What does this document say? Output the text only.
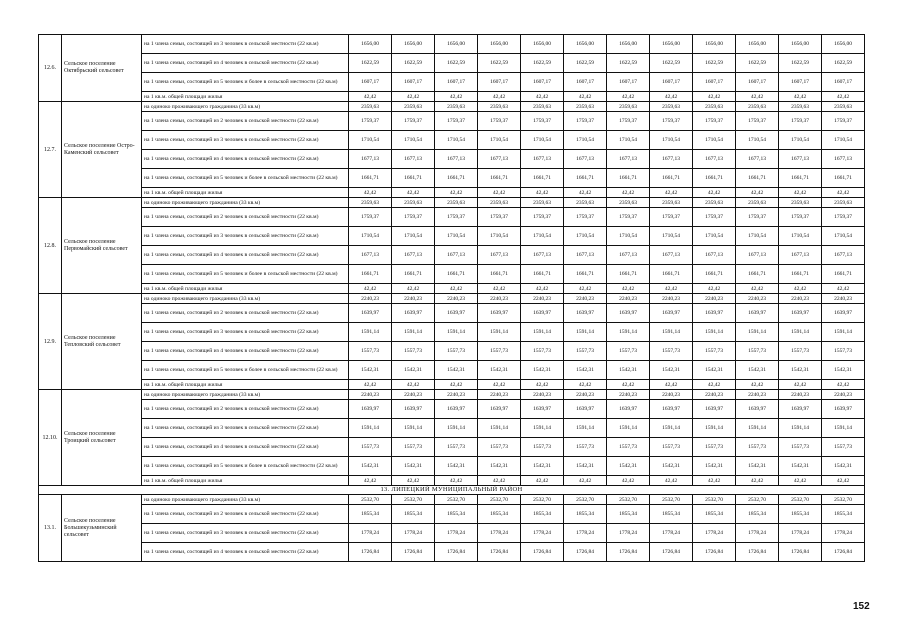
12.6.	Сельское поселение Октябрьский сельсовет	на 1 члена семьи, состоящей из 3 человек в сельской местности (22 кв.м)	1656,00	1656,00	1656,00	1656,00	1656,00	1656,00	1656,00	1656,00	1656,00	1656,00	1656,00	1656,00
		на 1 члена семьи, состоящей из 4 человек в сельской местности (22 кв.м)	1622,59	1622,59	1622,59	1622,59	1622,59	1622,59	1622,59	1622,59	1622,59	1622,59	1622,59	1622,59
		на 1 члена семьи, состоящей из 5 человек и более в сельской местности (22 кв.м)	1607,17	1607,17	1607,17	1607,17	1607,17	1607,17	1607,17	1607,17	1607,17	1607,17	1607,17	1607,17
		на 1 кв.м. общей площади жилья	42,42	42,42	42,42	42,42	42,42	42,42	42,42	42,42	42,42	42,42	42,42	42,42
12.7.	Сельское поселение Остро-Каменский сельсовет	на одиноко проживающего гражданина (33 кв.м)	2359,63	2359,63	2359,63	2359,63	2359,63	2359,63	2359,63	2359,63	2359,63	2359,63	2359,63	2359,63
		на 1 члена семьи, состоящей из 2 человек в сельской местности (22 кв.м)	1759,37	1759,37	1759,37	1759,37	1759,37	1759,37	1759,37	1759,37	1759,37	1759,37	1759,37	1759,37
		на 1 члена семьи, состоящей из 3 человек в сельской местности (22 кв.м)	1710,54	1710,54	1710,54	1710,54	1710,54	1710,54	1710,54	1710,54	1710,54	1710,54	1710,54	1710,54
		на 1 члена семьи, состоящей из 4 человек в сельской местности (22 кв.м)	1677,13	1677,13	1677,13	1677,13	1677,13	1677,13	1677,13	1677,13	1677,13	1677,13	1677,13	1677,13
		на 1 члена семьи, состоящей из 5 человек и более в сельской местности (22 кв.м)	1661,71	1661,71	1661,71	1661,71	1661,71	1661,71	1661,71	1661,71	1661,71	1661,71	1661,71	1661,71
		на 1 кв.м. общей площади жилья	42,42	42,42	42,42	42,42	42,42	42,42	42,42	42,42	42,42	42,42	42,42	42,42
12.8.	Сельское поселение Первомайский сельсовет	на одиноко проживающего гражданина (33 кв.м)	2359,63	2359,63	2359,63	2359,63	2359,63	2359,63	2359,63	2359,63	2359,63	2359,63	2359,63	2359,63
		на 1 члена семьи, состоящей из 2 человек в сельской местности (22 кв.м)	1759,37	1759,37	1759,37	1759,37	1759,37	1759,37	1759,37	1759,37	1759,37	1759,37	1759,37	1759,37
		на 1 члена семьи, состоящей из 3 человек в сельской местности (22 кв.м)	1710,54	1710,54	1710,54	1710,54	1710,54	1710,54	1710,54	1710,54	1710,54	1710,54	1710,54	1710,54
		на 1 члена семьи, состоящей из 4 человек в сельской местности (22 кв.м)	1677,13	1677,13	1677,13	1677,13	1677,13	1677,13	1677,13	1677,13	1677,13	1677,13	1677,13	1677,13
		на 1 члена семьи, состоящей из 5 человек и более в сельской местности (22 кв.м)	1661,71	1661,71	1661,71	1661,71	1661,71	1661,71	1661,71	1661,71	1661,71	1661,71	1661,71	1661,71
		на 1 кв.м. общей площади жилья	42,42	42,42	42,42	42,42	42,42	42,42	42,42	42,42	42,42	42,42	42,42	42,42
12.9.	Сельское поселение Тепловский сельсовет	на одиноко проживающего гражданина (33 кв.м)	2240,23	2240,23	2240,23	2240,23	2240,23	2240,23	2240,23	2240,23	2240,23	2240,23	2240,23	2240,23
		на 1 члена семьи, состоящей из 2 человек в сельской местности (22 кв.м)	1639,97	1639,97	1639,97	1639,97	1639,97	1639,97	1639,97	1639,97	1639,97	1639,97	1639,97	1639,97
		на 1 члена семьи, состоящей из 3 человек в сельской местности (22 кв.м)	1591,14	1591,14	1591,14	1591,14	1591,14	1591,14	1591,14	1591,14	1591,14	1591,14	1591,14	1591,14
		на 1 члена семьи, состоящей из 4 человек в сельской местности (22 кв.м)	1557,73	1557,73	1557,73	1557,73	1557,73	1557,73	1557,73	1557,73	1557,73	1557,73	1557,73	1557,73
		на 1 члена семьи, состоящей из 5 человек и более в сельской местности (22 кв.м)	1542,31	1542,31	1542,31	1542,31	1542,31	1542,31	1542,31	1542,31	1542,31	1542,31	1542,31	1542,31
		на 1 кв.м. общей площади жилья	42,42	42,42	42,42	42,42	42,42	42,42	42,42	42,42	42,42	42,42	42,42	42,42
12.10.	Сельское поселение Троицкий сельсовет	на одиноко проживающего гражданина (33 кв.м)	2240,23	2240,23	2240,23	2240,23	2240,23	2240,23	2240,23	2240,23	2240,23	2240,23	2240,23	2240,23
		на 1 члена семьи, состоящей из 2 человек в сельской местности (22 кв.м)	1639,97	1639,97	1639,97	1639,97	1639,97	1639,97	1639,97	1639,97	1639,97	1639,97	1639,97	1639,97
		на 1 члена семьи, состоящей из 3 человек в сельской местности (22 кв.м)	1591,14	1591,14	1591,14	1591,14	1591,14	1591,14	1591,14	1591,14	1591,14	1591,14	1591,14	1591,14
		на 1 члена семьи, состоящей из 4 человек в сельской местности (22 кв.м)	1557,73	1557,73	1557,73	1557,73	1557,73	1557,73	1557,73	1557,73	1557,73	1557,73	1557,73	1557,73
		на 1 члена семьи, состоящей из 5 человек и более в сельской местности (22 кв.м)	1542,31	1542,31	1542,31	1542,31	1542,31	1542,31	1542,31	1542,31	1542,31	1542,31	1542,31	1542,31
		на 1 кв.м. общей площади жилья	42,42	42,42	42,42	42,42	42,42	42,42	42,42	42,42	42,42	42,42	42,42	42,42
13. ЛИПЕЦКИЙ МУНИЦИПАЛЬНЫЙ РАЙОН														
13.1.	Сельское поселение Большекузьминский сельсовет	на одиноко проживающего гражданина (33 кв.м)	2532,70	2532,70	2532,70	2532,70	2532,70	2532,70	2532,70	2532,70	2532,70	2532,70	2532,70	2532,70
		на 1 члена семьи, состоящей из 2 человек в сельской местности (22 кв.м)	1855,34	1855,34	1855,34	1855,34	1855,34	1855,34	1855,34	1855,34	1855,34	1855,34	1855,34	1855,34
		на 1 члена семьи, состоящей из 3 человек в сельской местности (22 кв.м)	1778,24	1778,24	1778,24	1778,24	1778,24	1778,24	1778,24	1778,24	1778,24	1778,24	1778,24	1778,24
		на 1 члена семьи, состоящей из 4 человек в сельской местности (22 кв.м)	1726,84	1726,84	1726,84	1726,84	1726,84	1726,84	1726,84	1726,84	1726,84	1726,84	1726,84	1726,84
152
